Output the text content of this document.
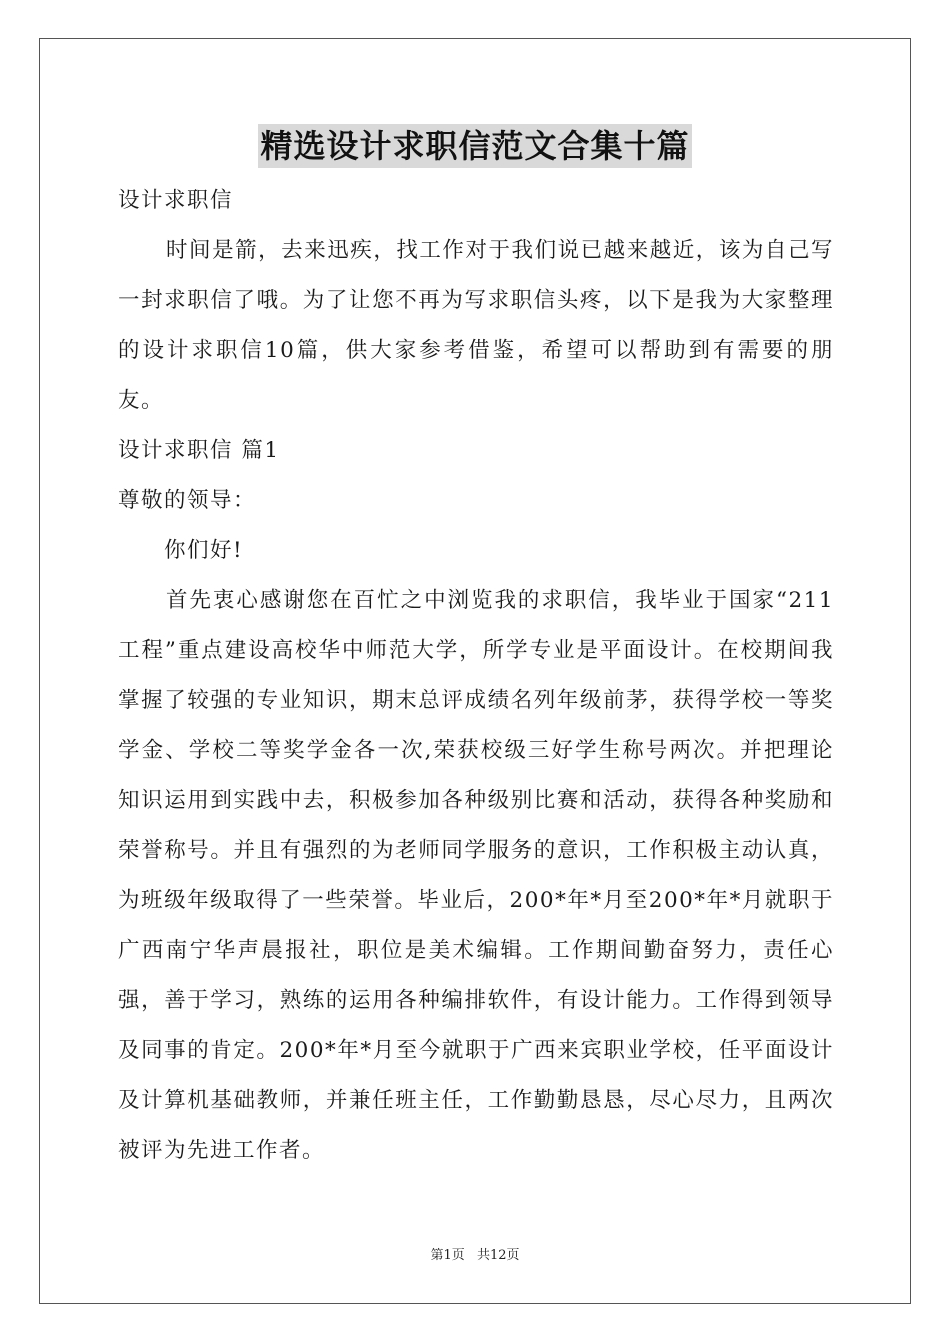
精选设计求职信范文合集十篇

设计求职信

时间是箭，去来迅疾，找工作对于我们说已越来越近，该为自己写一封求职信了哦。为了让您不再为写求职信头疼，以下是我为大家整理的设计求职信10篇，供大家参考借鉴，希望可以帮助到有需要的朋友。

设计求职信 篇1

尊敬的领导：

你们好!

首先衷心感谢您在百忙之中浏览我的求职信，我毕业于国家“211工程”重点建设高校华中师范大学，所学专业是平面设计。在校期间我掌握了较强的专业知识，期末总评成绩名列年级前茅，获得学校一等奖学金、学校二等奖学金各一次,荣获校级三好学生称号两次。并把理论知识运用到实践中去，积极参加各种级别比赛和活动，获得各种奖励和荣誉称号。并且有强烈的为老师同学服务的意识，工作积极主动认真，为班级年级取得了一些荣誉。毕业后，200*年*月至200*年*月就职于广西南宁华声晨报社，职位是美术编辑。工作期间勤奋努力，责任心强，善于学习，熟练的运用各种编排软件，有设计能力。工作得到领导及同事的肯定。200*年*月至今就职于广西来宾职业学校，任平面设计及计算机基础教师，并兼任班主任，工作勤勤恳恳，尽心尽力，且两次被评为先进工作者。

第1页 共12页
